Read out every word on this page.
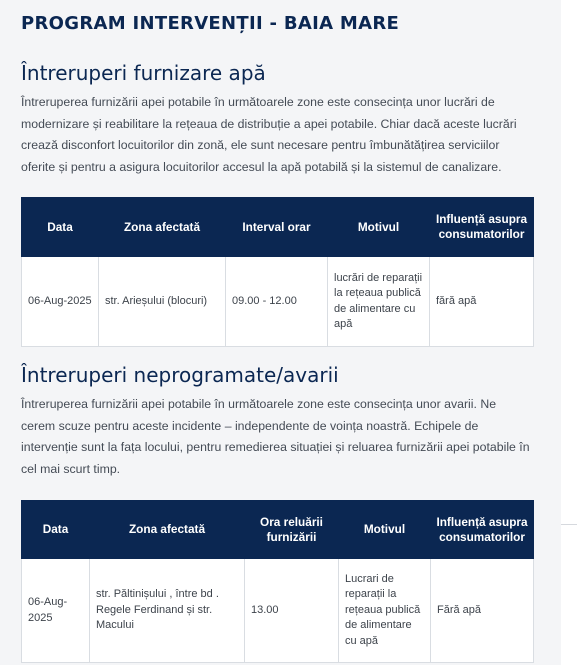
PROGRAM INTERVENȚII - BAIA MARE
Întreruperi furnizare apă

Întreruperea furnizării apei potabile în următoarele zone este consecința unor lucrări de modernizare și reabilitare la rețeaua de distribuție a apei potabile. Chiar dacă aceste lucrări crează disconfort locuitorilor din zonă, ele sunt necesare pentru îmbunătățirea serviciilor oferite și pentru a asigura locuitorilor accesul la apă potabilă și la sistemul de canalizare.

Data	Zona afectată	Interval orar	Motivul	Influență asupra consumatorilor
06-Aug-2025	str. Arieșului (blocuri)	09.00 - 12.00	lucrări de reparații la rețeaua publică de alimentare cu apă	fără apă
Întreruperi neprogramate/avarii

Întreruperea furnizării apei potabile în următoarele zone este consecința unor avarii. Ne cerem scuze pentru aceste incidente – independente de voința noastră. Echipele de intervenție sunt la fața locului, pentru remedierea situației și reluarea furnizării apei potabile în cel mai scurt timp.

Data	Zona afectată	Ora reluării furnizării	Motivul	Influență asupra consumatorilor
06-Aug-2025	str. Păltinișului , între bd . Regele Ferdinand și str. Macului	13.00	Lucrari de reparații la rețeaua publică de alimentare cu apă	Fără apă
